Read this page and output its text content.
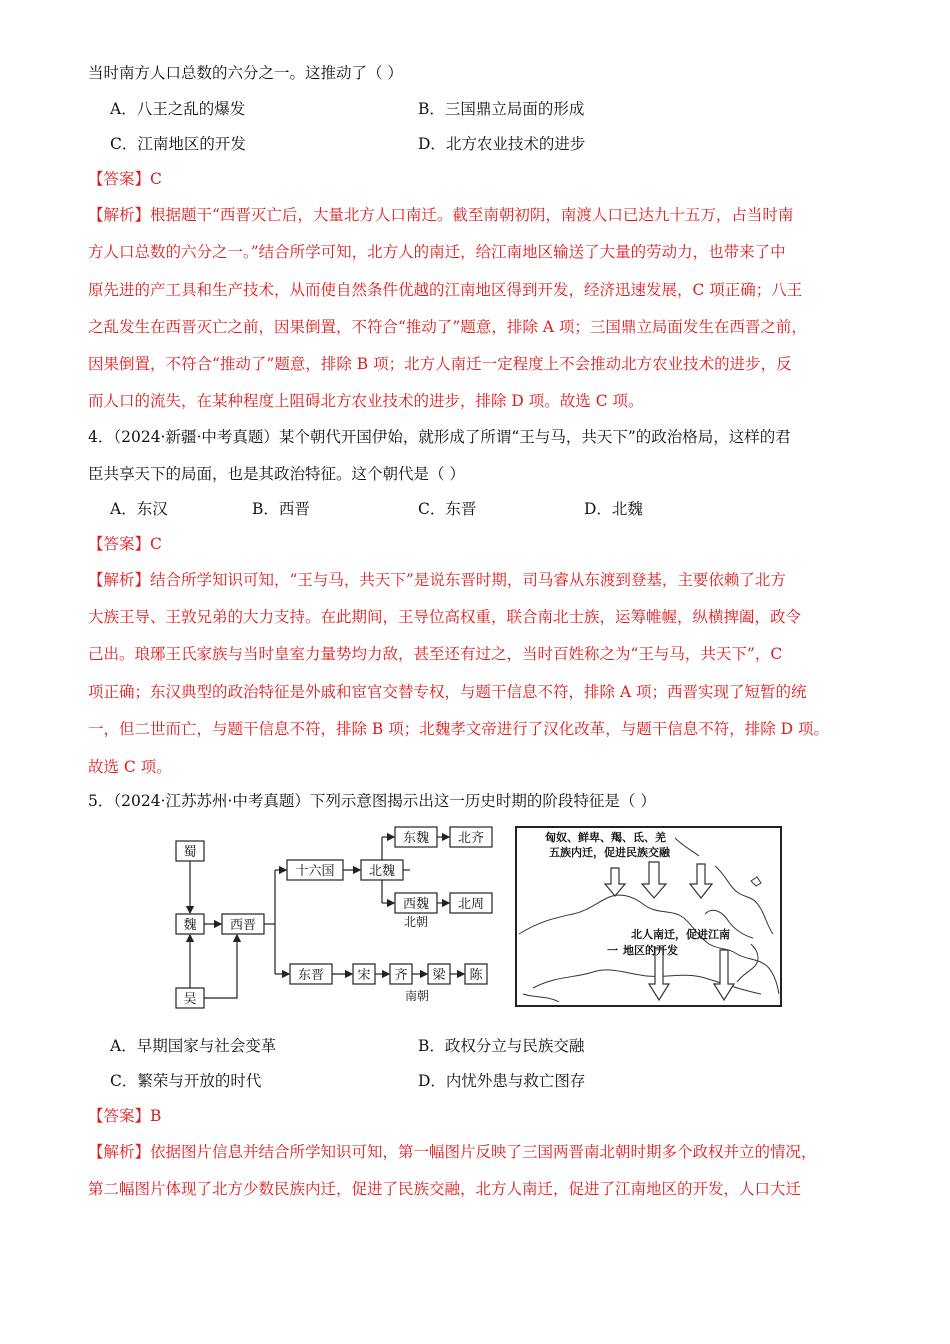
当时南方人口总数的六分之一。这推动了（ ）
A．八王之乱的爆发	B．三国鼎立局面的形成
C．江南地区的开发	D．北方农业技术的进步
【答案】C
【解析】根据题干“西晋灭亡后，大量北方人口南迁。截至南朝初阴，南渡人口已达九十五万，占当时南
方人口总数的六分之一。”结合所学可知，北方人的南迁，给江南地区输送了大量的劳动力，也带来了中
原先进的产工具和生产技术，从而使自然条件优越的江南地区得到开发，经济迅速发展，C 项正确；八王
之乱发生在西晋灭亡之前，因果倒置，不符合“推动了”题意，排除 A 项；三国鼎立局面发生在西晋之前，
因果倒置，不符合“推动了”题意，排除 B 项；北方人南迁一定程度上不会推动北方农业技术的进步，反
而人口的流失，在某种程度上阻碍北方农业技术的进步，排除 D 项。故选 C 项。
4．（2024·新疆·中考真题）某个朝代开国伊始，就形成了所谓“王与马，共天下”的政治格局，这样的君
臣共享天下的局面，也是其政治特征。这个朝代是（ ）
A．东汉	B．西晋	C．东晋	D．北魏
【答案】C
【解析】结合所学知识可知，“王与马，共天下”是说东晋时期，司马睿从东渡到登基，主要依赖了北方
大族王导、王敦兄弟的大力支持。在此期间，王导位高权重，联合南北士族，运筹帷幄，纵横捭阖，政令
己出。琅琊王氏家族与当时皇室力量势均力敌，甚至还有过之，当时百姓称之为“王与马，共天下”，C
项正确；东汉典型的政治特征是外戚和宦官交替专权，与题干信息不符，排除 A 项；西晋实现了短暂的统
一，但二世而亡，与题干信息不符，排除 B 项；北魏孝文帝进行了汉化改革，与题干信息不符，排除 D 项。
故选 C 项。
5．（2024·江苏苏州·中考真题）下列示意图揭示出这一历史时期的阶段特征是（ ）
蜀
魏
吴
西晋
十六国	北魏
东魏 北齐
西魏 北周
北朝
东晋	宋 齐 梁 陈
南朝
匈奴、鲜卑、羯、氐、羌
五族内迁，促进民族交融
北人南迁，促进江南
一 地区的开发
A．早期国家与社会变革	B．政权分立与民族交融
C．繁荣与开放的时代	D．内忧外患与救亡图存
【答案】B
【解析】依据图片信息并结合所学知识可知，第一幅图片反映了三国两晋南北朝时期多个政权并立的情况，
第二幅图片体现了北方少数民族内迁，促进了民族交融，北方人南迁，促进了江南地区的开发，人口大迁
